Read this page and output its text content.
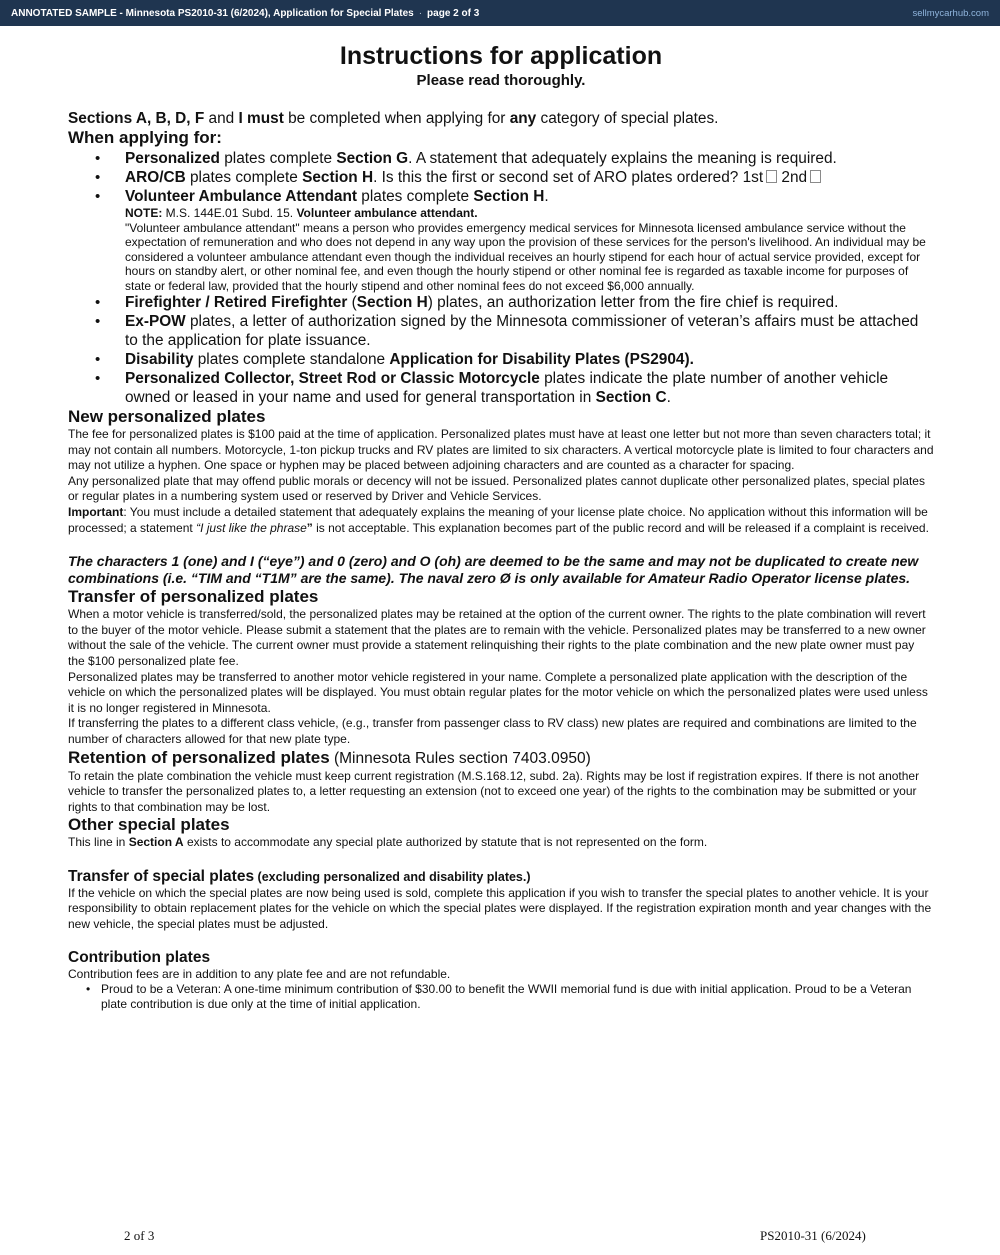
ANNOTATED SAMPLE - Minnesota PS2010-31 (6/2024), Application for Special Plates · page 2 of 3	sellmycarhub.com
Instructions for application

Please read thoroughly.

Sections A, B, D, F and I must be completed when applying for any category of special plates.

When applying for:
• Personalized plates complete Section G. A statement that adequately explains the meaning is required.
• ARO/CB plates complete Section H. Is this the first or second set of ARO plates ordered? 1st 2nd
• Volunteer Ambulance Attendant plates complete Section H.

NOTE: M.S. 144E.01 Subd. 15. Volunteer ambulance attendant.

"Volunteer ambulance attendant" means a person who provides emergency medical services for Minnesota licensed ambulance service without the expectation of remuneration and who does not depend in any way upon the provision of these services for the person's livelihood. An individual may be considered a volunteer ambulance attendant even though the individual receives an hourly stipend for each hour of actual service provided, except for hours on standby alert, or other nominal fee, and even though the hourly stipend or other nominal fee is regarded as taxable income for purposes of state or federal law, provided that the hourly stipend and other nominal fees do not exceed $6,000 annually.

• Firefighter / Retired Firefighter (Section H) plates, an authorization letter from the fire chief is required.
• Ex-POW plates, a letter of authorization signed by the Minnesota commissioner of veteran’s affairs must be attached to the application for plate issuance.
• Disability plates complete standalone Application for Disability Plates (PS2904).
• Personalized Collector, Street Rod or Classic Motorcycle plates indicate the plate number of another vehicle owned or leased in your name and used for general transportation in Section C.
New personalized plates

The fee for personalized plates is $100 paid at the time of application. Personalized plates must have at least one letter but not more than seven characters total; it may not contain all numbers. Motorcycle, 1-ton pickup trucks and RV plates are limited to six characters. A vertical motorcycle plate is limited to four characters and may not utilize a hyphen. One space or hyphen may be placed between adjoining characters and are counted as a character for spacing.

Any personalized plate that may offend public morals or decency will not be issued. Personalized plates cannot duplicate other personalized plates, special plates or regular plates in a numbering system used or reserved by Driver and Vehicle Services.

Important: You must include a detailed statement that adequately explains the meaning of your license plate choice. No application without this information will be processed; a statement “I just like the phrase” is not acceptable. This explanation becomes part of the public record and will be released if a complaint is received.

The characters 1 (one) and I (“eye”) and 0 (zero) and O (oh) are deemed to be the same and may not be duplicated to create new combinations (i.e. “TIM and “T1M” are the same). The naval zero Ø is only available for Amateur Radio Operator license plates.

Transfer of personalized plates

When a motor vehicle is transferred/sold, the personalized plates may be retained at the option of the current owner. The rights to the plate combination will revert to the buyer of the motor vehicle. Please submit a statement that the plates are to remain with the vehicle. Personalized plates may be transferred to a new owner without the sale of the vehicle. The current owner must provide a statement relinquishing their rights to the plate combination and the new plate owner must pay the $100 personalized plate fee.

Personalized plates may be transferred to another motor vehicle registered in your name. Complete a personalized plate application with the description of the vehicle on which the personalized plates will be displayed. You must obtain regular plates for the motor vehicle on which the personalized plates were used unless it is no longer registered in Minnesota.

If transferring the plates to a different class vehicle, (e.g., transfer from passenger class to RV class) new plates are required and combinations are limited to the number of characters allowed for that new plate type.

Retention of personalized plates (Minnesota Rules section 7403.0950)

To retain the plate combination the vehicle must keep current registration (M.S.168.12, subd. 2a). Rights may be lost if registration expires. If there is not another vehicle to transfer the personalized plates to, a letter requesting an extension (not to exceed one year) of the rights to the combination may be submitted or your rights to that combination may be lost.

Other special plates

This line in Section A exists to accommodate any special plate authorized by statute that is not represented on the form.

Transfer of special plates (excluding personalized and disability plates.)

If the vehicle on which the special plates are now being used is sold, complete this application if you wish to transfer the special plates to another vehicle. It is your responsibility to obtain replacement plates for the vehicle on which the special plates were displayed. If the registration expiration month and year changes with the new vehicle, the special plates must be adjusted.

Contribution plates

Contribution fees are in addition to any plate fee and are not refundable.

• Proud to be a Veteran: A one-time minimum contribution of $30.00 to benefit the WWII memorial fund is due with initial application. Proud to be a Veteran plate contribution is due only at the time of initial application.
2 of 3	PS2010-31 (6/2024)
